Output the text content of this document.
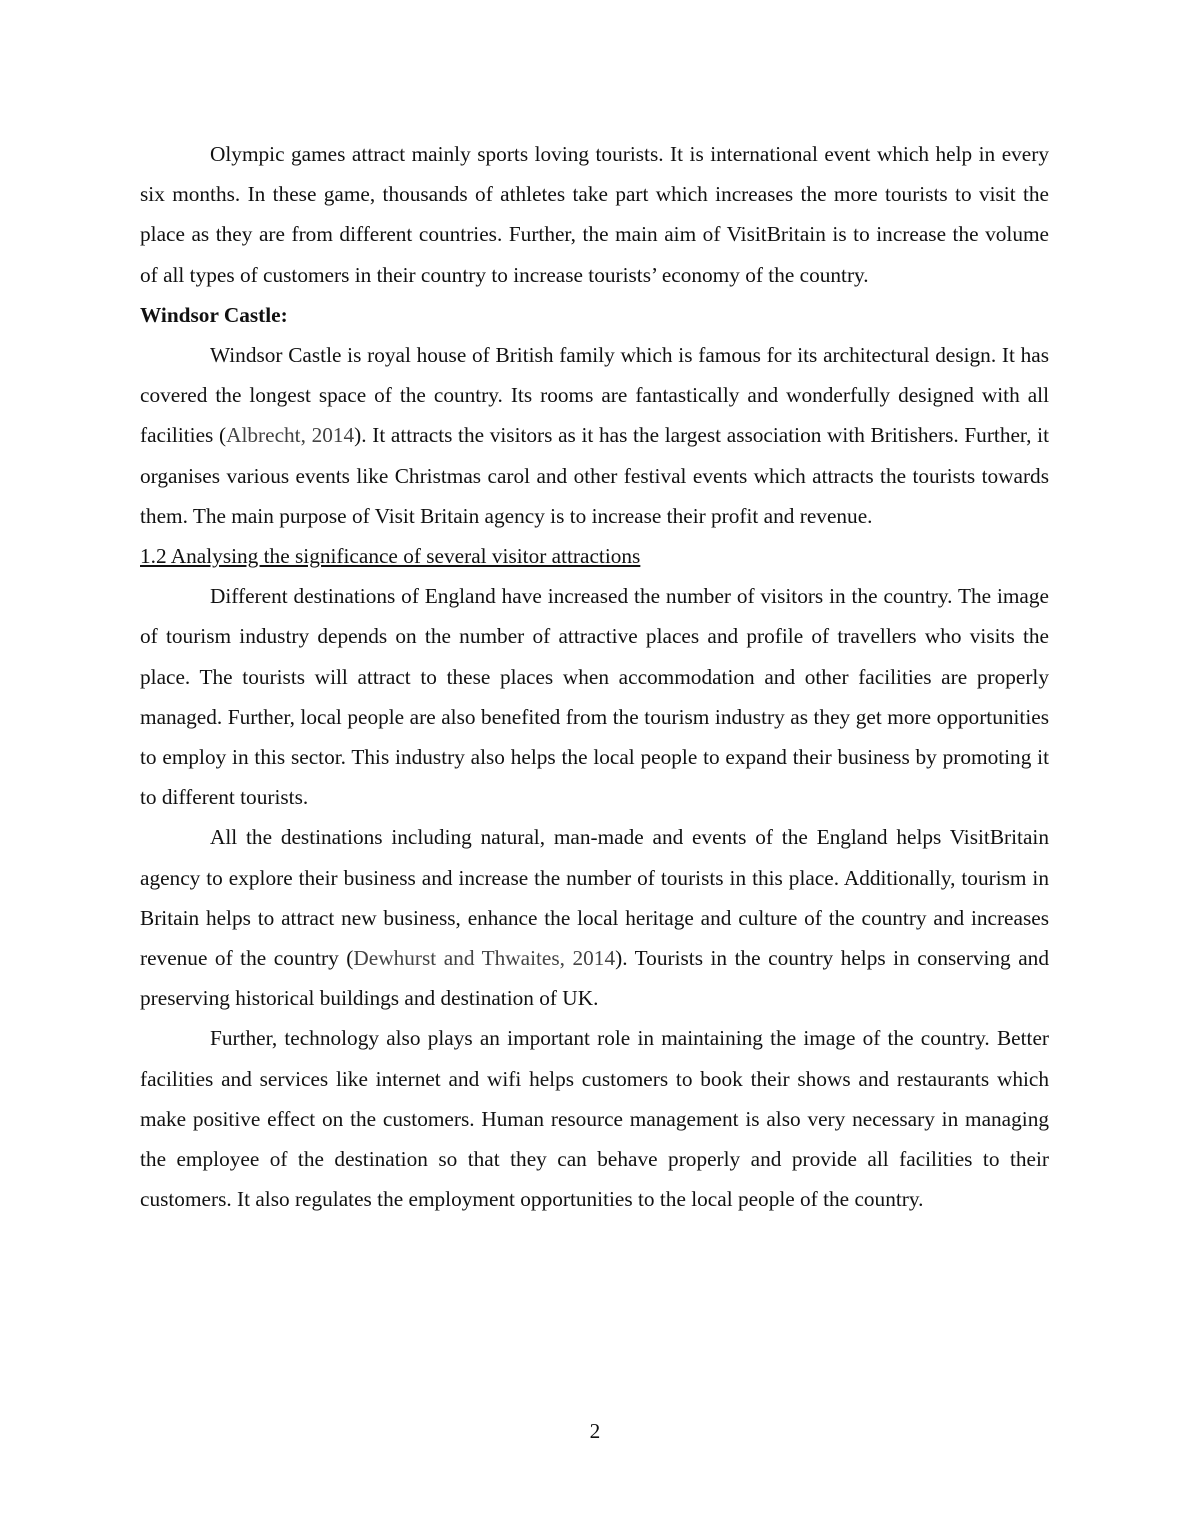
Olympic games attract mainly sports loving tourists. It is international event which help in every six months. In these game, thousands of athletes take part which increases the more tourists to visit the place as they are from different countries. Further, the main aim of VisitBritain is to increase the volume of all types of customers in their country to increase tourists’ economy of the country.

Windsor Castle:

Windsor Castle is royal house of British family which is famous for its architectural design. It has covered the longest space of the country. Its rooms are fantastically and wonderfully designed with all facilities (Albrecht, 2014). It attracts the visitors as it has the largest association with Britishers. Further, it organises various events like Christmas carol and other festival events which attracts the tourists towards them. The main purpose of Visit Britain agency is to increase their profit and revenue.

1.2 Analysing the significance of several visitor attractions

Different destinations of England have increased the number of visitors in the country. The image of tourism industry depends on the number of attractive places and profile of travellers who visits the place. The tourists will attract to these places when accommodation and other facilities are properly managed. Further, local people are also benefited from the tourism industry as they get more opportunities to employ in this sector. This industry also helps the local people to expand their business by promoting it to different tourists.

All the destinations including natural, man-made and events of the England helps VisitBritain agency to explore their business and increase the number of tourists in this place. Additionally, tourism in Britain helps to attract new business, enhance the local heritage and culture of the country and increases revenue of the country (Dewhurst and Thwaites, 2014). Tourists in the country helps in conserving and preserving historical buildings and destination of UK.

Further, technology also plays an important role in maintaining the image of the country. Better facilities and services like internet and wifi helps customers to book their shows and restaurants which make positive effect on the customers. Human resource management is also very necessary in managing the employee of the destination so that they can behave properly and provide all facilities to their customers. It also regulates the employment opportunities to the local people of the country.

2
